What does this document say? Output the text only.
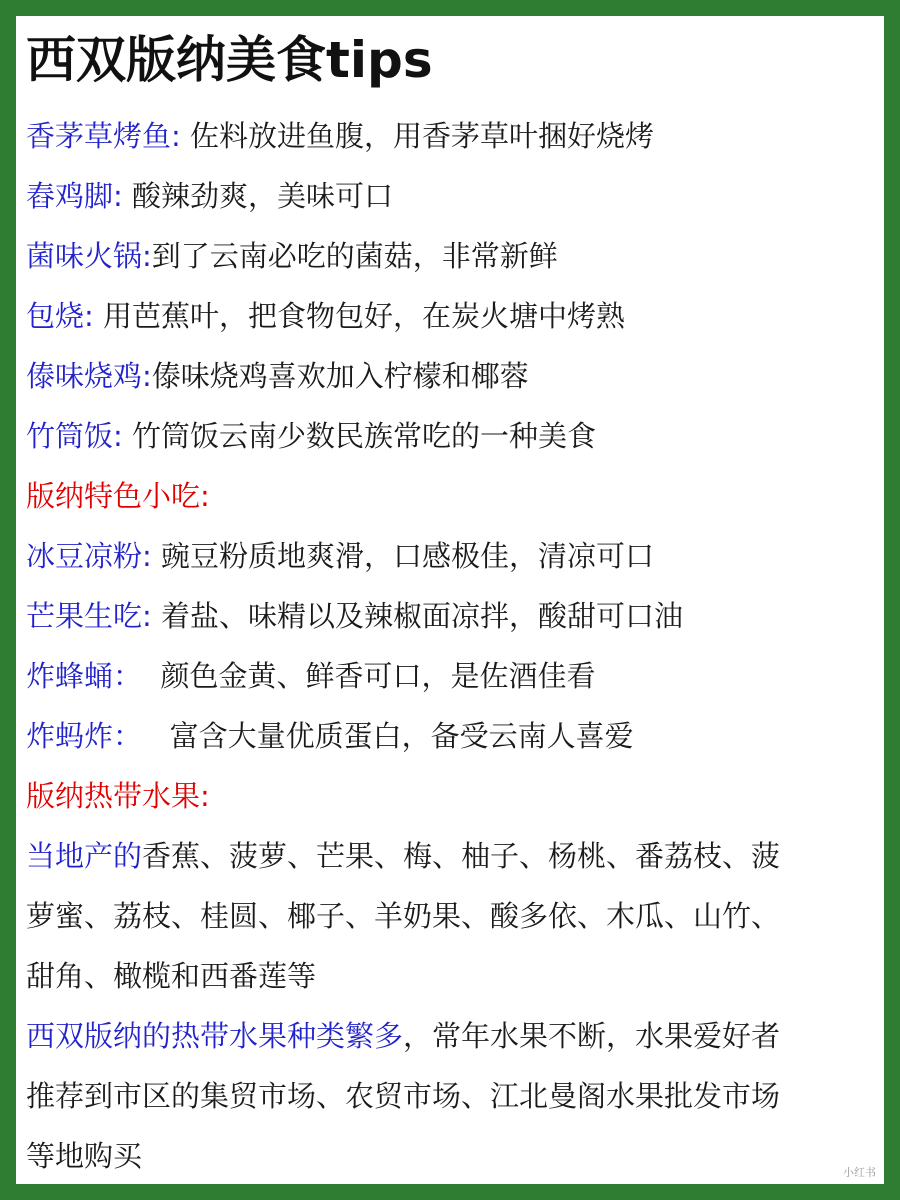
西双版纳美食tips

香茅草烤鱼: 佐料放进鱼腹，用香茅草叶捆好烧烤

舂鸡脚: 酸辣劲爽，美味可口

菌味火锅:到了云南必吃的菌菇，非常新鲜

包烧: 用芭蕉叶，把食物包好，在炭火塘中烤熟

傣味烧鸡:傣味烧鸡喜欢加入柠檬和椰蓉

竹筒饭: 竹筒饭云南少数民族常吃的一种美食

版纳特色小吃:

冰豆凉粉: 豌豆粉质地爽滑，口感极佳，清凉可口

芒果生吃: 着盐、味精以及辣椒面凉拌，酸甜可口油

炸蜂蛹：  颜色金黄、鲜香可口，是佐酒佳看

炸蚂炸：   富含大量优质蛋白，备受云南人喜爱

版纳热带水果:

当地产的香蕉、菠萝、芒果、梅、柚子、杨桃、番荔枝、菠

萝蜜、荔枝、桂圆、椰子、羊奶果、酸多依、木瓜、山竹、

甜角、橄榄和西番莲等

西双版纳的热带水果种类繁多，常年水果不断，水果爱好者

推荐到市区的集贸市场、农贸市场、江北曼阁水果批发市场

等地购买	小红书
